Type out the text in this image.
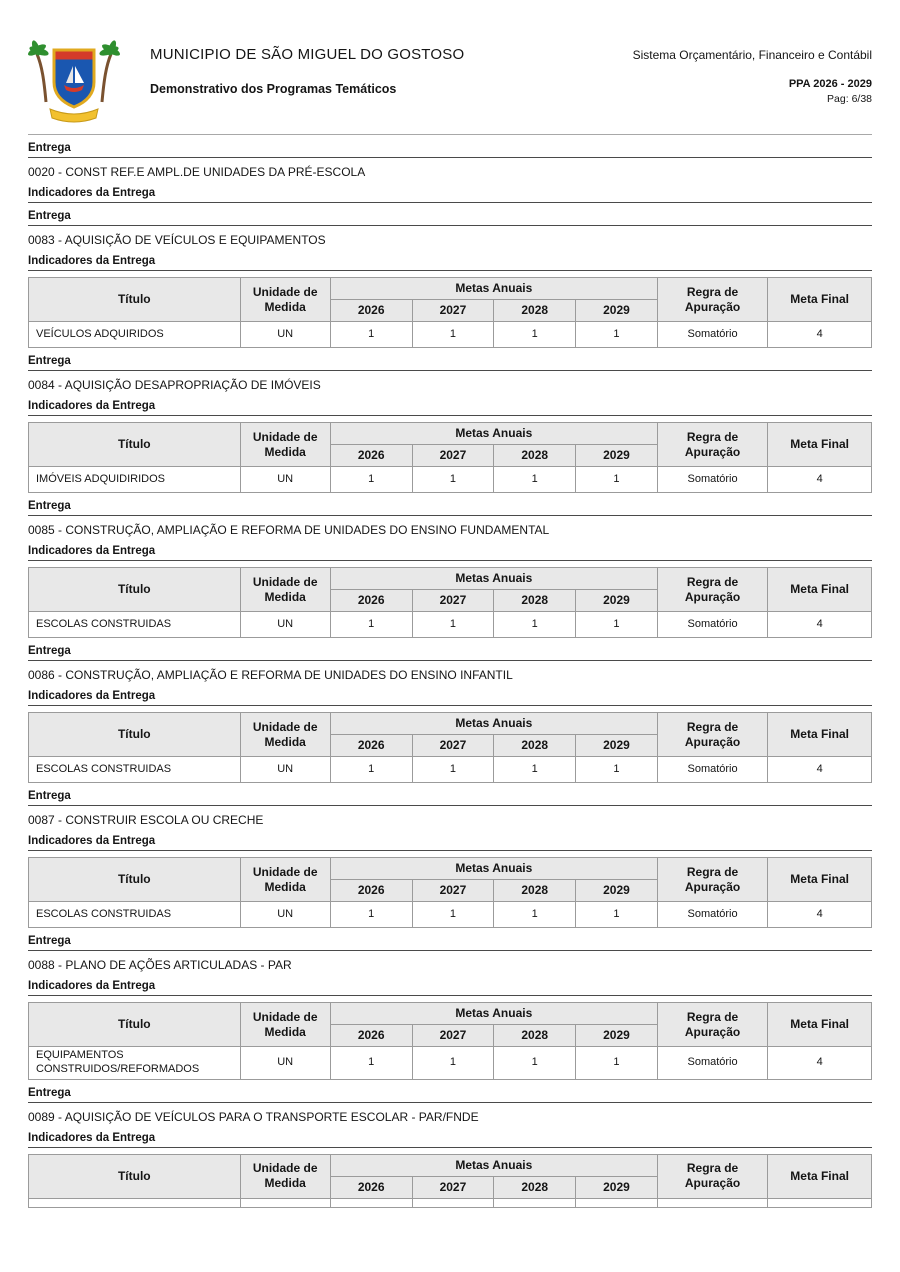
MUNICIPIO DE SÃO MIGUEL DO GOSTOSO
Demonstrativo dos Programas Temáticos
Sistema Orçamentário, Financeiro e Contábil
PPA 2026 - 2029
Pag: 6/38
Entrega
0020 - CONST REF.E AMPL.DE UNIDADES DA PRÉ-ESCOLA
Indicadores da Entrega
Entrega
0083 - AQUISIÇÃO DE VEÍCULOS E EQUIPAMENTOS
Indicadores da Entrega
Título	Unidade de Medida	Metas Anuais				Regra de Apuração	Meta Final
		2026	2027	2028	2029		
VEÍCULOS ADQUIRIDOS	UN	1	1	1	1	Somatório	4
Entrega
0084 - AQUISIÇÃO DESAPROPRIAÇÃO DE IMÓVEIS
Indicadores da Entrega
Título	Unidade de Medida	Metas Anuais				Regra de Apuração	Meta Final
		2026	2027	2028	2029		
IMÓVEIS ADQUIDIRIDOS	UN	1	1	1	1	Somatório	4
Entrega
0085 - CONSTRUÇÃO, AMPLIAÇÃO E REFORMA DE UNIDADES DO ENSINO FUNDAMENTAL
Indicadores da Entrega
Título	Unidade de Medida	Metas Anuais				Regra de Apuração	Meta Final
		2026	2027	2028	2029		
ESCOLAS CONSTRUIDAS	UN	1	1	1	1	Somatório	4
Entrega
0086 - CONSTRUÇÃO, AMPLIAÇÃO E REFORMA DE UNIDADES DO ENSINO INFANTIL
Indicadores da Entrega
Título	Unidade de Medida	Metas Anuais				Regra de Apuração	Meta Final
		2026	2027	2028	2029		
ESCOLAS CONSTRUIDAS	UN	1	1	1	1	Somatório	4
Entrega
0087 - CONSTRUIR ESCOLA OU CRECHE
Indicadores da Entrega
Título	Unidade de Medida	Metas Anuais				Regra de Apuração	Meta Final
		2026	2027	2028	2029		
ESCOLAS CONSTRUIDAS	UN	1	1	1	1	Somatório	4
Entrega
0088 - PLANO DE AÇÕES ARTICULADAS - PAR
Indicadores da Entrega
Título	Unidade de Medida	Metas Anuais				Regra de Apuração	Meta Final
		2026	2027	2028	2029		
EQUIPAMENTOS CONSTRUIDOS/REFORMADOS	UN	1	1	1	1	Somatório	4
Entrega
0089 - AQUISIÇÃO DE VEÍCULOS PARA O TRANSPORTE ESCOLAR - PAR/FNDE
Indicadores da Entrega
Título	Unidade de Medida	Metas Anuais				Regra de Apuração	Meta Final
		2026	2027	2028	2029		
